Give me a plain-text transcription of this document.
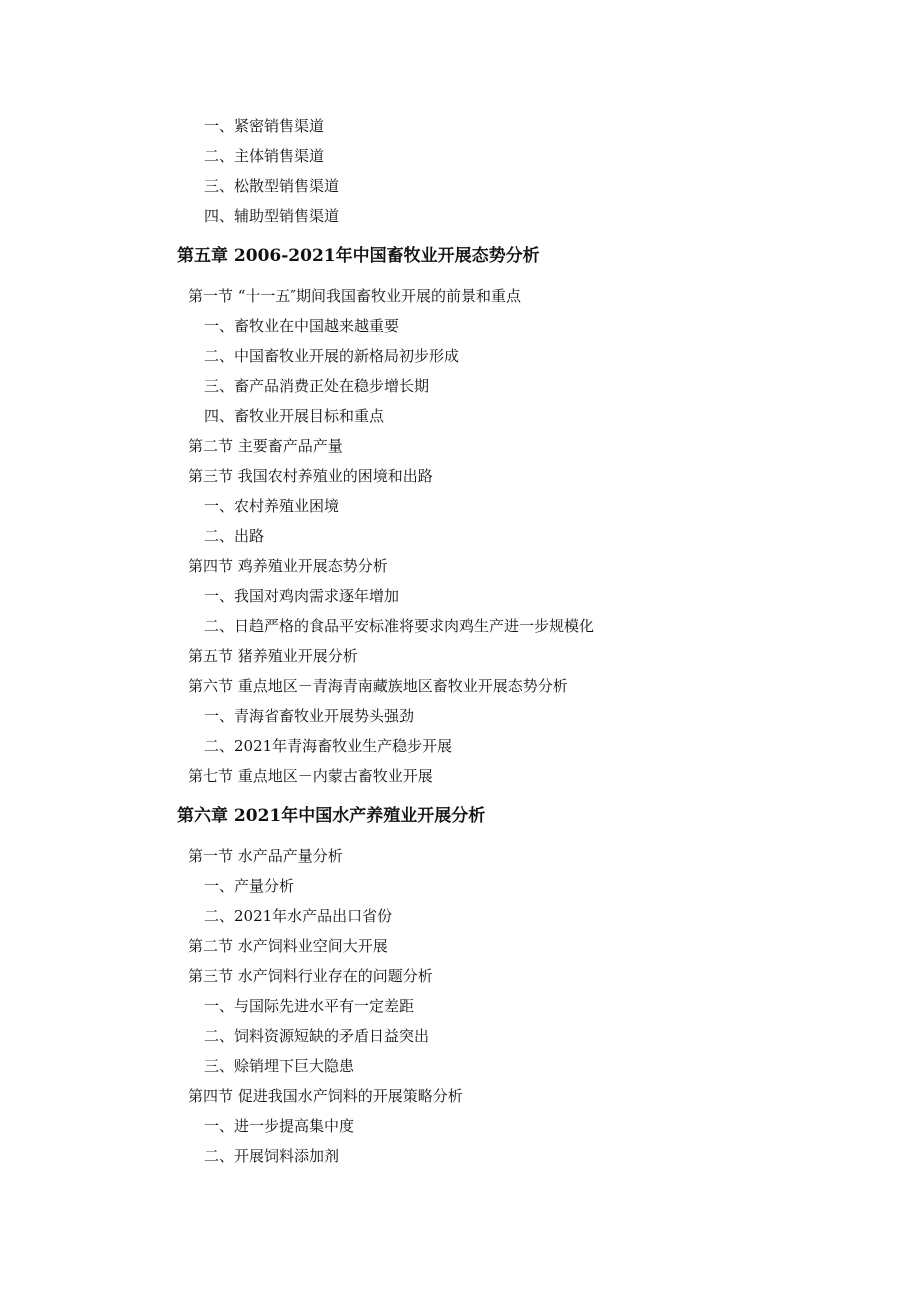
一、紧密销售渠道
二、主体销售渠道
三、松散型销售渠道
四、辅助型销售渠道
第五章 2006-2021年中国畜牧业开展态势分析
第一节 “十一五″期间我国畜牧业开展的前景和重点
一、畜牧业在中国越来越重要
二、中国畜牧业开展的新格局初步形成
三、畜产品消费正处在稳步增长期
四、畜牧业开展目标和重点
第二节 主要畜产品产量
第三节 我国农村养殖业的困境和出路
一、农村养殖业困境
二、出路
第四节 鸡养殖业开展态势分析
一、我国对鸡肉需求逐年增加
二、日趋严格的食品平安标准将要求肉鸡生产进一步规模化
第五节 猪养殖业开展分析
第六节 重点地区－青海青南藏族地区畜牧业开展态势分析
一、青海省畜牧业开展势头强劲
二、2021年青海畜牧业生产稳步开展
第七节 重点地区－内蒙古畜牧业开展
第六章 2021年中国水产养殖业开展分析
第一节 水产品产量分析
一、产量分析
二、2021年水产品出口省份
第二节 水产饲料业空间大开展
第三节 水产饲料行业存在的问题分析
一、与国际先进水平有一定差距
二、饲料资源短缺的矛盾日益突出
三、赊销埋下巨大隐患
第四节 促进我国水产饲料的开展策略分析
一、进一步提高集中度
二、开展饲料添加剂
